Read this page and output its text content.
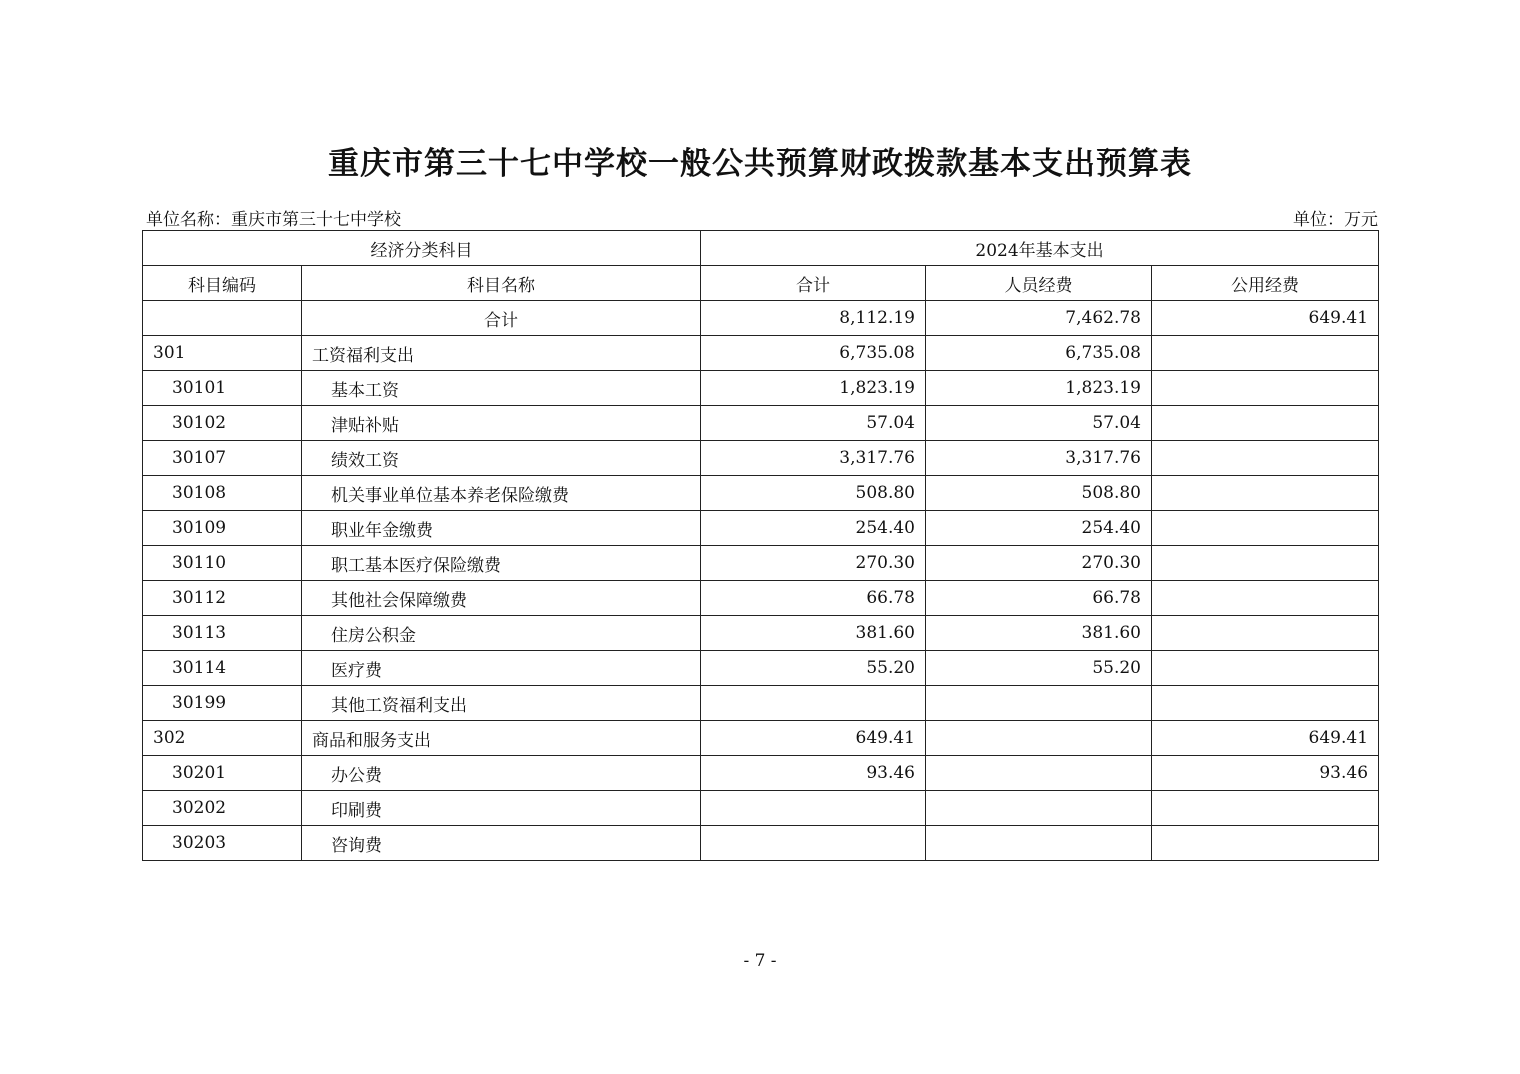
重庆市第三十七中学校一般公共预算财政拨款基本支出预算表
单位名称：重庆市第三十七中学校	单位：万元
经济分类科目		2024年基本支出		
科目编码	科目名称	合计	人员经费	公用经费
	合计	8,112.19	7,462.78	649.41
301	工资福利支出	6,735.08	6,735.08	
30101	基本工资	1,823.19	1,823.19	
30102	津贴补贴	57.04	57.04	
30107	绩效工资	3,317.76	3,317.76	
30108	机关事业单位基本养老保险缴费	508.80	508.80	
30109	职业年金缴费	254.40	254.40	
30110	职工基本医疗保险缴费	270.30	270.30	
30112	其他社会保障缴费	66.78	66.78	
30113	住房公积金	381.60	381.60	
30114	医疗费	55.20	55.20	
30199	其他工资福利支出			
302	商品和服务支出	649.41		649.41
30201	办公费	93.46		93.46
30202	印刷费			
30203	咨询费			
- 7 -
